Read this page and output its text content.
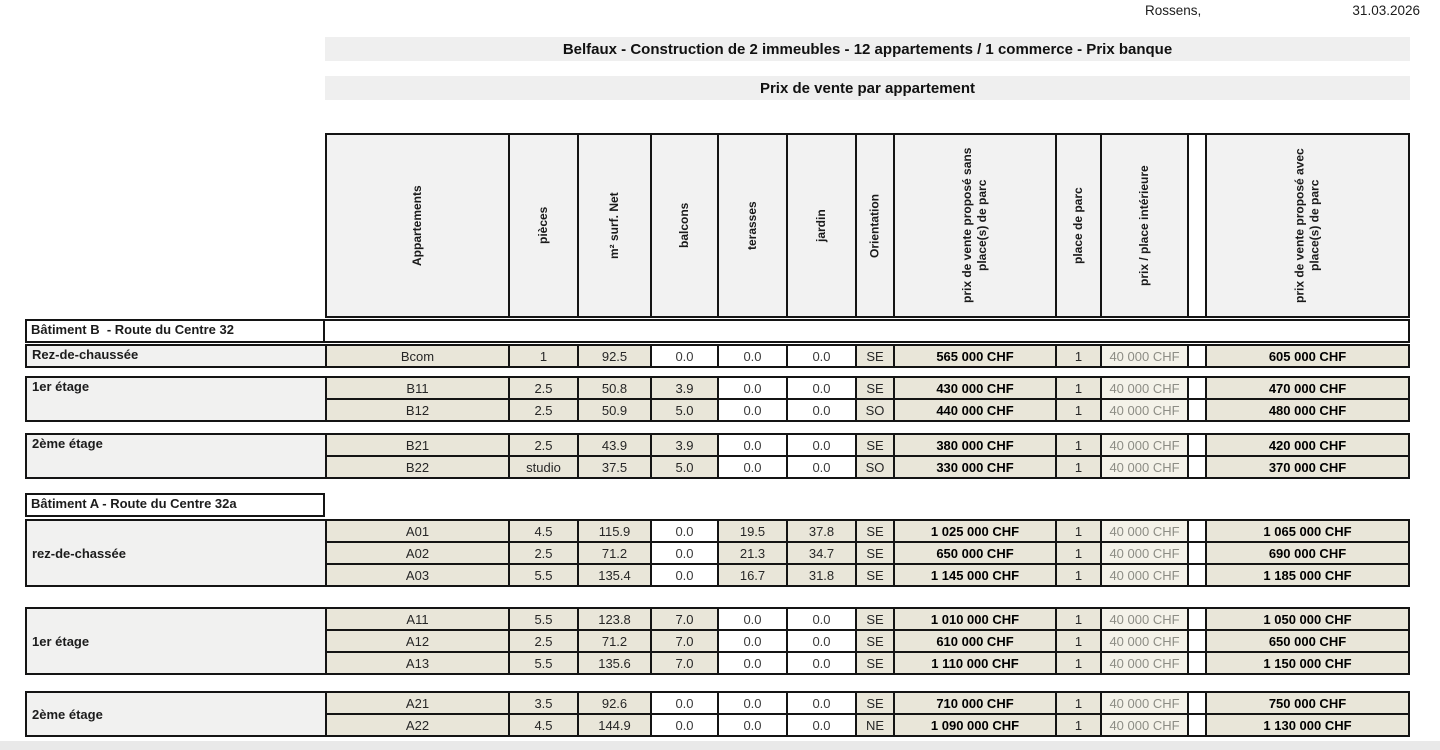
Rossens,	31.03.2026
Belfaux - Construction de 2 immeubles - 12 appartements / 1 commerce - Prix banque
Prix de vente par appartement
Appartements	pièces	m² surf. Net	balcons	terasses	jardin	Orientation	prix de vente proposé sans place(s) de parc	place de parc	prix / place intérieure	prix de vente proposé avec place(s) de parc
Bâtiment B  - Route du Centre 32
Rez-de-chaussée	Bcom	1	92.5	0.0	0.0	0.0	SE	565 000 CHF	1	40 000 CHF	605 000 CHF
1er étage	B11	2.5	50.8	3.9	0.0	0.0	SE	430 000 CHF	1	40 000 CHF	470 000 CHF
B12	2.5	50.9	5.0	0.0	0.0	SO	440 000 CHF	1	40 000 CHF	480 000 CHF
2ème étage	B21	2.5	43.9	3.9	0.0	0.0	SE	380 000 CHF	1	40 000 CHF	420 000 CHF
B22	studio	37.5	5.0	0.0	0.0	SO	330 000 CHF	1	40 000 CHF	370 000 CHF
Bâtiment A - Route du Centre 32a
rez-de-chassée
A01	4.5	115.9	0.0	19.5	37.8	SE	1 025 000 CHF	1	40 000 CHF	1 065 000 CHF
A02	2.5	71.2	0.0	21.3	34.7	SE	650 000 CHF	1	40 000 CHF	690 000 CHF
A03	5.5	135.4	0.0	16.7	31.8	SE	1 145 000 CHF	1	40 000 CHF	1 185 000 CHF
1er étage
A11	5.5	123.8	7.0	0.0	0.0	SE	1 010 000 CHF	1	40 000 CHF	1 050 000 CHF
A12	2.5	71.2	7.0	0.0	0.0	SE	610 000 CHF	1	40 000 CHF	650 000 CHF
A13	5.5	135.6	7.0	0.0	0.0	SE	1 110 000 CHF	1	40 000 CHF	1 150 000 CHF
2ème étage
A21	3.5	92.6	0.0	0.0	0.0	SE	710 000 CHF	1	40 000 CHF	750 000 CHF
A22	4.5	144.9	0.0	0.0	0.0	NE	1 090 000 CHF	1	40 000 CHF	1 130 000 CHF
